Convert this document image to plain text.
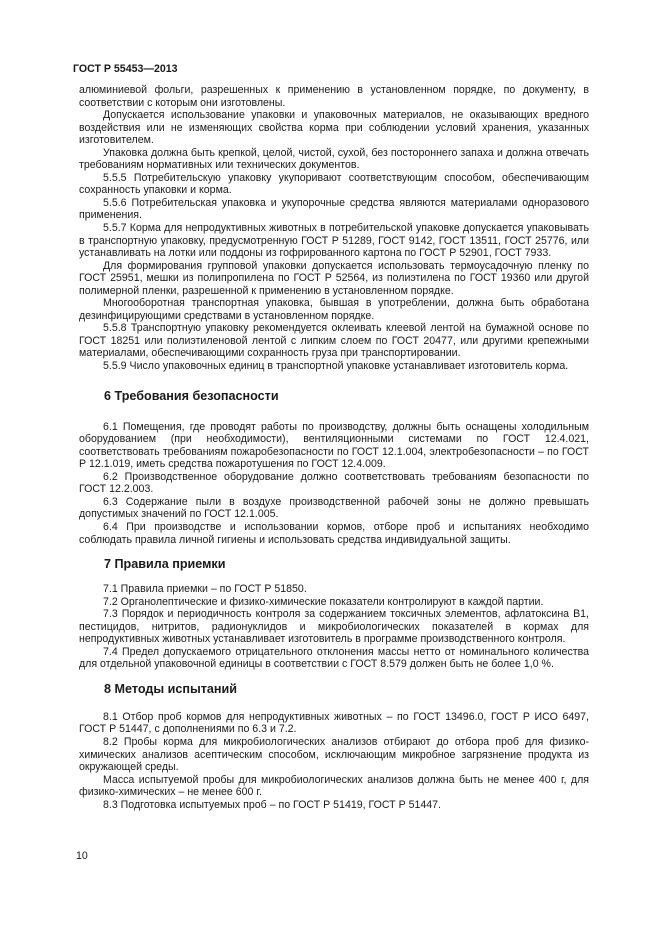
ГОСТ Р 55453—2013

алюминиевой фольги, разрешенных к применению в установленном порядке, по документу, в соответствии с которым они изготовлены.

Допускается использование упаковки и упаковочных материалов, не оказывающих вредного воздействия или не изменяющих свойства корма при соблюдении условий хранения, указанных изготовителем.

Упаковка должна быть крепкой, целой, чистой, сухой, без постороннего запаха и должна отвечать требованиям нормативных или технических документов.

5.5.5 Потребительскую упаковку укупоривают соответствующим способом, обеспечивающим сохранность упаковки и корма.

5.5.6 Потребительская упаковка и укупорочные средства являются материалами одноразового применения.

5.5.7 Корма для непродуктивных животных в потребительской упаковке допускается упаковывать в транспортную упаковку, предусмотренную ГОСТ Р 51289, ГОСТ 9142, ГОСТ 13511, ГОСТ 25776, или устанавливать на лотки или поддоны из гофрированного картона по ГОСТ Р 52901, ГОСТ 7933.

Для формирования групповой упаковки допускается использовать термоусадочную пленку по ГОСТ 25951, мешки из полипропилена по ГОСТ Р 52564, из полиэтилена по ГОСТ 19360 или другой полимерной пленки, разрешенной к применению в установленном порядке.

Многооборотная транспортная упаковка, бывшая в употреблении, должна быть обработана дезинфицирующими средствами в установленном порядке.

5.5.8 Транспортную упаковку рекомендуется оклеивать клеевой лентой на бумажной основе по ГОСТ 18251 или полиэтиленовой лентой с липким слоем по ГОСТ 20477, или другими крепежными материалами, обеспечивающими сохранность груза при транспортировании.

5.5.9 Число упаковочных единиц в транспортной упаковке устанавливает изготовитель корма.

6 Требования безопасности

6.1 Помещения, где проводят работы по производству, должны быть оснащены холодильным оборудованием (при необходимости), вентиляционными системами по ГОСТ 12.4.021, соответствовать требованиям пожаробезопасности по ГОСТ 12.1.004, электробезопасности – по ГОСТ Р 12.1.019, иметь средства пожаротушения по ГОСТ 12.4.009.

6.2 Производственное оборудование должно соответствовать требованиям безопасности по ГОСТ 12.2.003.

6.3 Содержание пыли в воздухе производственной рабочей зоны не должно превышать допустимых значений по ГОСТ 12.1.005.

6.4 При производстве и использовании кормов, отборе проб и испытаниях необходимо соблюдать правила личной гигиены и использовать средства индивидуальной защиты.

7 Правила приемки

7.1 Правила приемки – по ГОСТ Р 51850.

7.2 Органолептические и физико-химические показатели контролируют в каждой партии.

7.3 Порядок и периодичность контроля за содержанием токсичных элементов, афлатоксина В1, пестицидов, нитритов, радионуклидов и микробиологических показателей в кормах для непродуктивных животных устанавливает изготовитель в программе производственного контроля.

7.4 Предел допускаемого отрицательного отклонения массы нетто от номинального количества для отдельной упаковочной единицы в соответствии с ГОСТ 8.579 должен быть не более 1,0 %.

8 Методы испытаний

8.1 Отбор проб кормов для непродуктивных животных – по ГОСТ 13496.0, ГОСТ Р ИСО 6497, ГОСТ Р 51447, с дополнениями по 6.3 и 7.2.

8.2 Пробы корма для микробиологических анализов отбирают до отбора проб для физико-химических анализов асептическим способом, исключающим микробное загрязнение продукта из окружающей среды.

Масса испытуемой пробы для микробиологических анализов должна быть не менее 400 г, для физико-химических – не менее 600 г.

8.3 Подготовка испытуемых проб – по ГОСТ Р 51419, ГОСТ Р 51447.

10
